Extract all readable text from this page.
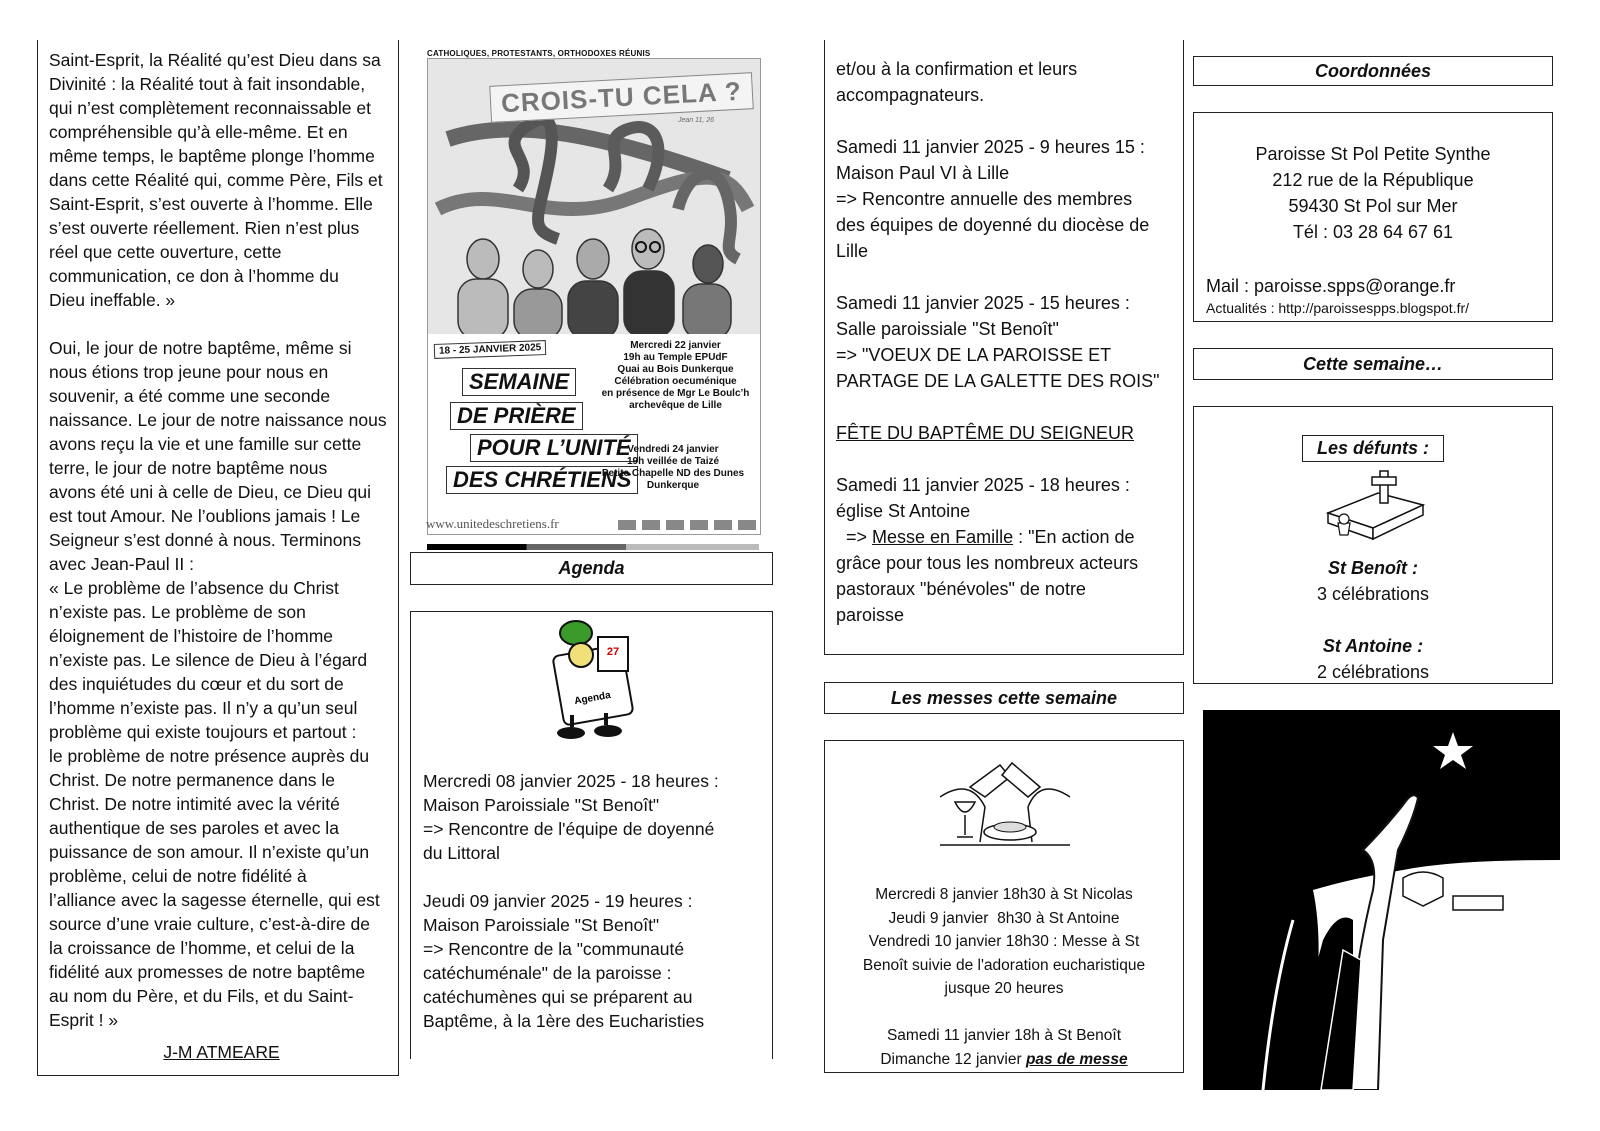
Saint-Esprit, la Réalité qu’est Dieu dans sa
Divinité : la Réalité tout à fait insondable,
qui n’est complètement reconnaissable et
compréhensible qu’à elle-même. Et en
même temps, le baptême plonge l’homme
dans cette Réalité qui, comme Père, Fils et
Saint-Esprit, s’est ouverte à l’homme. Elle
s’est ouverte réellement. Rien n’est plus
réel que cette ouverture, cette
communication, ce don à l’homme du
Dieu ineffable. »

Oui, le jour de notre baptême, même si
nous étions trop jeune pour nous en
souvenir, a été comme une seconde
naissance. Le jour de notre naissance nous
avons reçu la vie et une famille sur cette
terre, le jour de notre baptême nous
avons été uni à celle de Dieu, ce Dieu qui
est tout Amour. Ne l’oublions jamais ! Le
Seigneur s’est donné à nous. Terminons
avec Jean-Paul II :
« Le problème de l’absence du Christ
n’existe pas. Le problème de son
éloignement de l’histoire de l’homme
n’existe pas. Le silence de Dieu à l’égard
des inquiétudes du cœur et du sort de
l’homme n’existe pas. Il n’y a qu’un seul
problème qui existe toujours et partout :
le problème de notre présence auprès du
Christ. De notre permanence dans le
Christ. De notre intimité avec la vérité
authentique de ses paroles et avec la
puissance de son amour. Il n’existe qu’un
problème, celui de notre fidélité à
l’alliance avec la sagesse éternelle, qui est
source d’une vraie culture, c’est-à-dire de
la croissance de l’homme, et celui de la
fidélité aux promesses de notre baptême
au nom du Père, et du Fils, et du Saint-
Esprit ! »

J-M ATMEARE

CATHOLIQUES, PROTESTANTS, ORTHODOXES RÉUNIS
CROIS-TU CELA ?
Jean 11, 26
18 - 25 JANVIER 2025
SEMAINE
DE PRIÈRE
POUR L’UNITÉ
DES CHRÉTIENS
Mercredi 22 janvier
19h au Temple EPUdF
Quai au Bois Dunkerque
Célébration oecuménique
en présence de Mgr Le Boulc’h
archevêque de Lille
Vendredi 24 janvier
19h veillée de Taizé
Petite Chapelle ND des Dunes
Dunkerque
www.unitedeschretiens.fr
Agenda
27
Agenda

Mercredi 08 janvier 2025 - 18 heures :
Maison Paroissiale "St Benoît"
=> Rencontre de l'équipe de doyenné
du Littoral

Jeudi 09 janvier 2025 - 19 heures :
Maison Paroissiale "St Benoît"
=> Rencontre de la "communauté
catéchuménale" de la paroisse :
catéchumènes qui se préparent au
Baptême, à la 1ère des Eucharisties

et/ou à la confirmation et leurs
accompagnateurs.

Samedi 11 janvier 2025 - 9 heures 15 :
Maison Paul VI à Lille
=> Rencontre annuelle des membres
des équipes de doyenné du diocèse de
Lille

Samedi 11 janvier 2025 - 15 heures :
Salle paroissiale "St Benoît"
=> "VOEUX DE LA PAROISSE ET
PARTAGE DE LA GALETTE DES ROIS"

FÊTE DU BAPTÊME DU SEIGNEUR

Samedi 11 janvier 2025 - 18 heures :
église St Antoine

=> Messe en Famille : "En action de
grâce pour tous les nombreux acteurs
pastoraux "bénévoles" de notre
paroisse

Les messes cette semaine
Mercredi 8 janvier 18h30 à St Nicolas
Jeudi 9 janvier  8h30 à St Antoine
Vendredi 10 janvier 18h30 : Messe à St
Benoît suivie de l'adoration eucharistique
jusque 20 heures
Samedi 11 janvier 18h à St Benoît
Dimanche 12 janvier pas de messe
Coordonnées
Paroisse St Pol Petite Synthe
212 rue de la République
59430 St Pol sur Mer
Tél : 03 28 64 67 61
Mail : paroisse.spps@orange.fr
Actualités : http://paroissespps.blogspot.fr/
Cette semaine…
Les défunts :
St Benoît :
3 célébrations
St Antoine :
2 célébrations
